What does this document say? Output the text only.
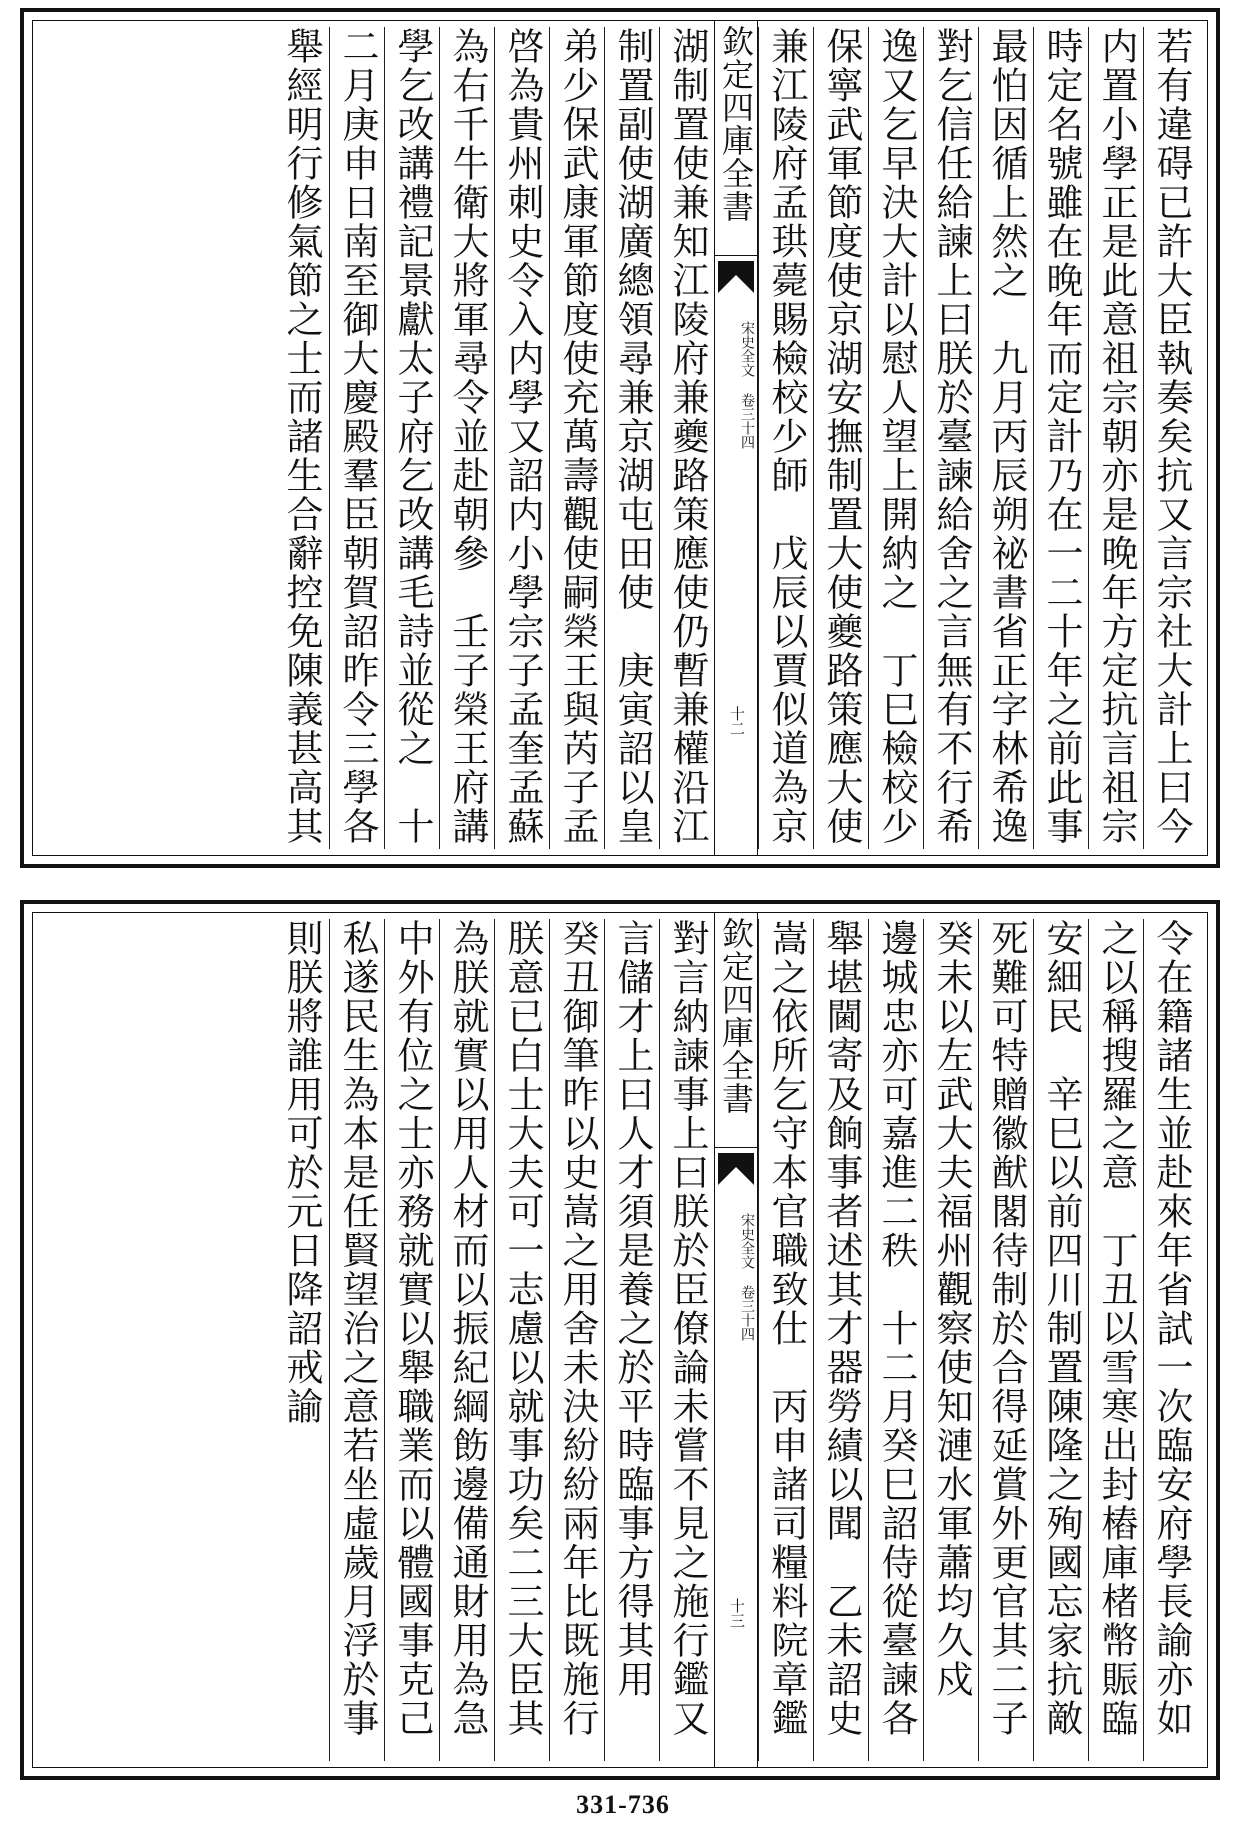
若有違碍已許大臣執奏矣抗又言宗社大計上曰今
内置小學正是此意祖宗朝亦是晚年方定抗言祖宗
時定名號雖在晚年而定計乃在一二十年之前此事
最怕因循上然之　九月丙辰朔祕書省正字林希逸
對乞信任給諫上曰朕於臺諫給舍之言無有不行希
逸又乞早決大計以慰人望上開納之　丁巳檢校少
保寧武軍節度使京湖安撫制置大使夔路策應大使
兼江陵府孟珙薨賜檢校少師　戊辰以賈似道為京
欽定四庫全書
宋史全文 卷三十四
十二
湖制置使兼知江陵府兼夔路策應使仍暫兼權沿江
制置副使湖廣總領尋兼京湖屯田使　庚寅詔以皇
弟少保武康軍節度使充萬壽觀使嗣榮王與芮子孟
啓為貴州刺史令入内學又詔内小學宗子孟奎孟蘇
為右千牛衛大將軍尋令並赴朝參　壬子榮王府講
學乞改講禮記景獻太子府乞改講毛詩並從之　十
二月庚申日南至御大慶殿羣臣朝賀詔昨令三學各
舉經明行修氣節之士而諸生合辭控免陳義甚高其
令在籍諸生並赴來年省試一次臨安府學長諭亦如
之以稱搜羅之意　丁丑以雪寒出封樁庫楮幣賑臨
安細民　辛巳以前四川制置陳隆之殉國忘家抗敵
死難可特贈徽猷閣待制於合得延賞外更官其二子
癸未以左武大夫福州觀察使知漣水軍蕭均久戍
邊城忠亦可嘉進二秩　十二月癸巳詔侍從臺諫各
舉堪閫寄及餉事者述其才器勞績以聞　乙未詔史
嵩之依所乞守本官職致仕　丙申諸司糧料院章鑑
欽定四庫全書
宋史全文 卷三十四
十三
對言納諫事上曰朕於臣僚論未嘗不見之施行鑑又
言儲才上曰人才須是養之於平時臨事方得其用
癸丑御筆昨以史嵩之用舍未決紛紛兩年比既施行
朕意已白士大夫可一志慮以就事功矣二三大臣其
為朕就實以用人材而以振紀綱飭邊備通財用為急
中外有位之士亦務就實以舉職業而以體國事克己
私遂民生為本是任賢望治之意若坐虛歲月浮於事
則朕將誰用可於元日降詔戒諭
331-736
